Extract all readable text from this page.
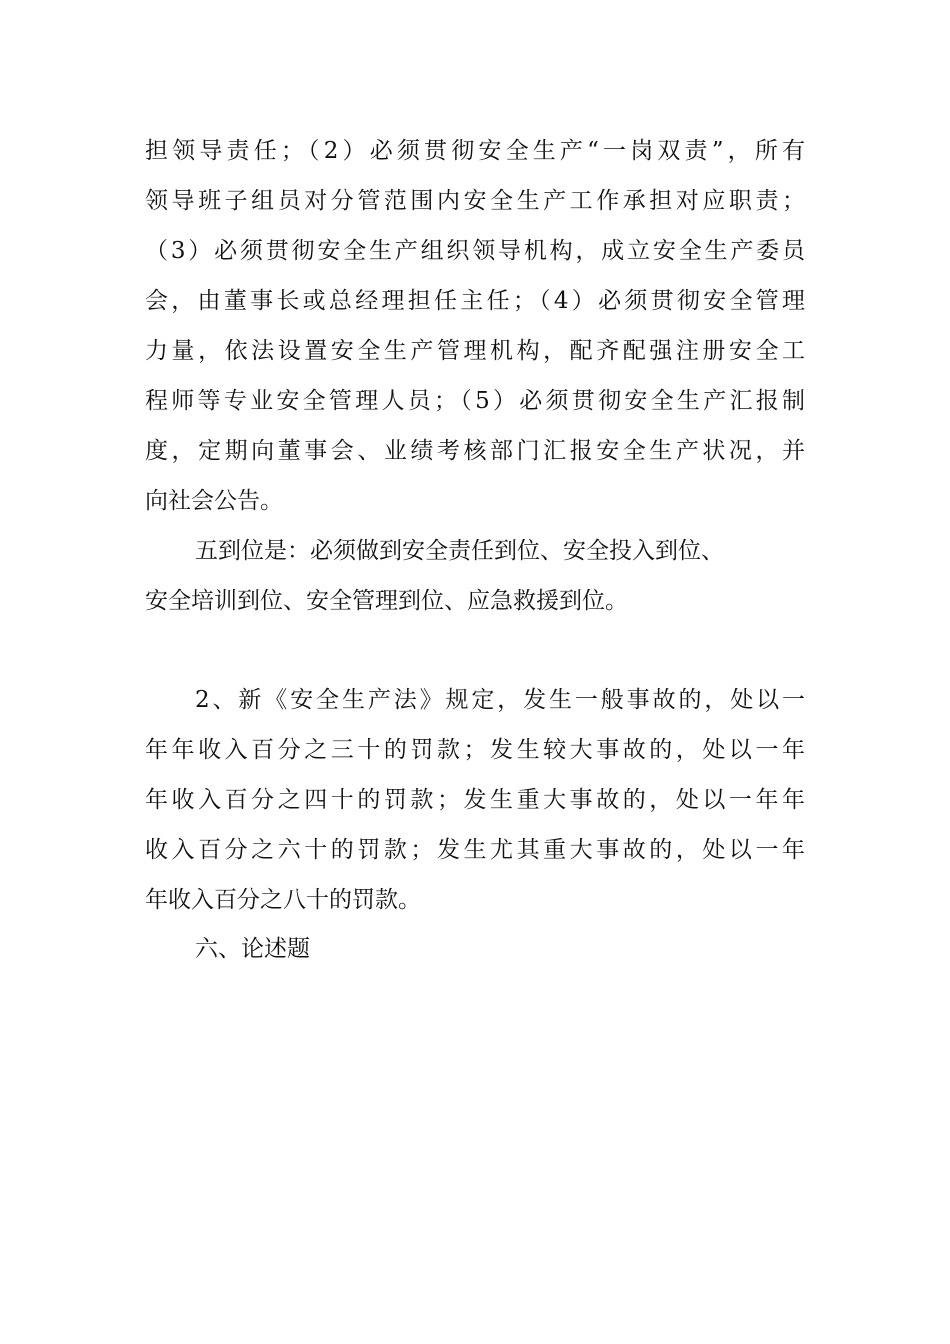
担领导责任；（2）必须贯彻安全生产“一岗双责”，所有
领导班子组员对分管范围内安全生产工作承担对应职责；
（3）必须贯彻安全生产组织领导机构，成立安全生产委员
会，由董事长或总经理担任主任；（4）必须贯彻安全管理
力量，依法设置安全生产管理机构，配齐配强注册安全工
程师等专业安全管理人员；（5）必须贯彻安全生产汇报制
度，定期向董事会、业绩考核部门汇报安全生产状况，并
向社会公告。
五到位是：必须做到安全责任到位、安全投入到位、
安全培训到位、安全管理到位、应急救援到位。
2、新《安全生产法》规定，发生一般事故的，处以一
年年收入百分之三十的罚款；发生较大事故的，处以一年
年收入百分之四十的罚款；发生重大事故的，处以一年年
收入百分之六十的罚款；发生尤其重大事故的，处以一年
年收入百分之八十的罚款。
六、论述题
